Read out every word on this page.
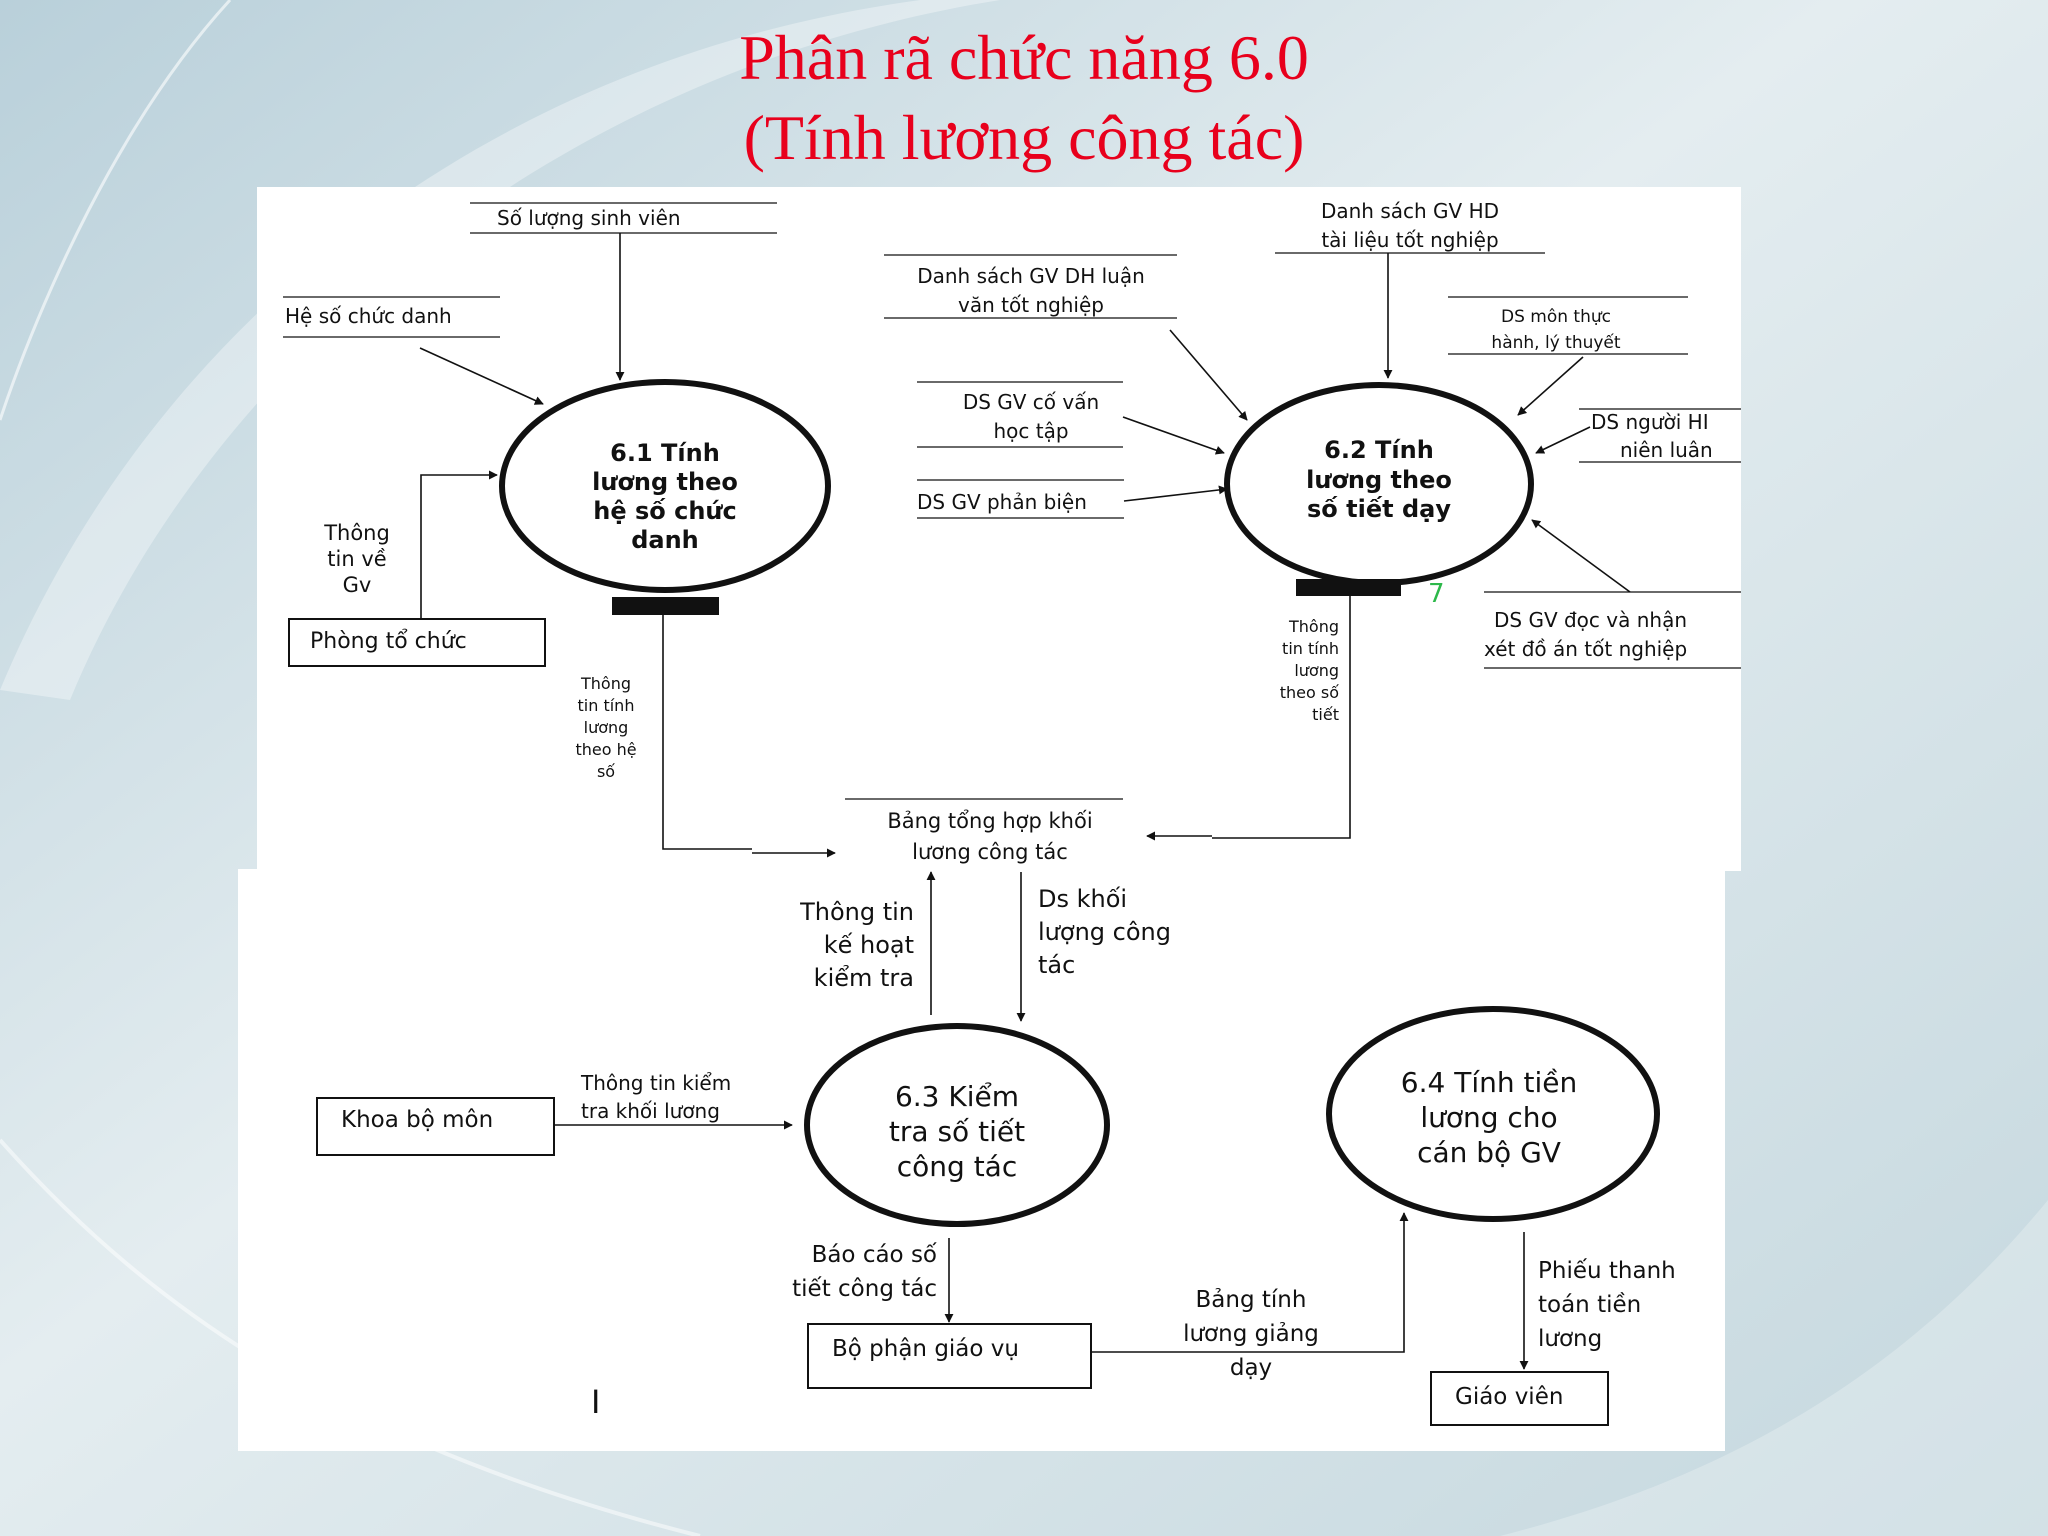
Phân rã chức năng 6.0
(Tính lương công tác)
6.1 Tính
lương theo
hệ số chức
danh
6.2 Tính
lương theo
số tiết dạy
6.3 Kiểm
tra số tiết
công tác
6.4 Tính tiền
lương cho
cán bộ GV
Phòng tổ chức
Khoa bộ môn
Bộ phận giáo vụ
Giáo viên
Số lượng sinh viên
Hệ số chức danh
Danh sách GV HD
tài liệu tốt nghiệp
Danh sách GV DH luận
văn tốt nghiệp	DS môn thực
hành, lý thuyết
DS GV cố vấn
học tập	DS người HI
niên luân
DS GV phản biện
DS GV đọc và nhận
xét đồ án tốt nghiệp
Bảng tổng hợp khối
lương công tác
Thông
tin về
Gv
Thông
tin tính
lương
theo hệ
số
Thông
tin tính
lương
theo số
tiết
Thông tin
kế hoạt
kiểm tra
Ds khối
lượng công
tác
Thông tin kiểm
tra khối lương
Báo cáo số
tiết công tác	Bảng tính
lương giảng
dạy
Phiếu thanh
toán tiền
lương
7
I
